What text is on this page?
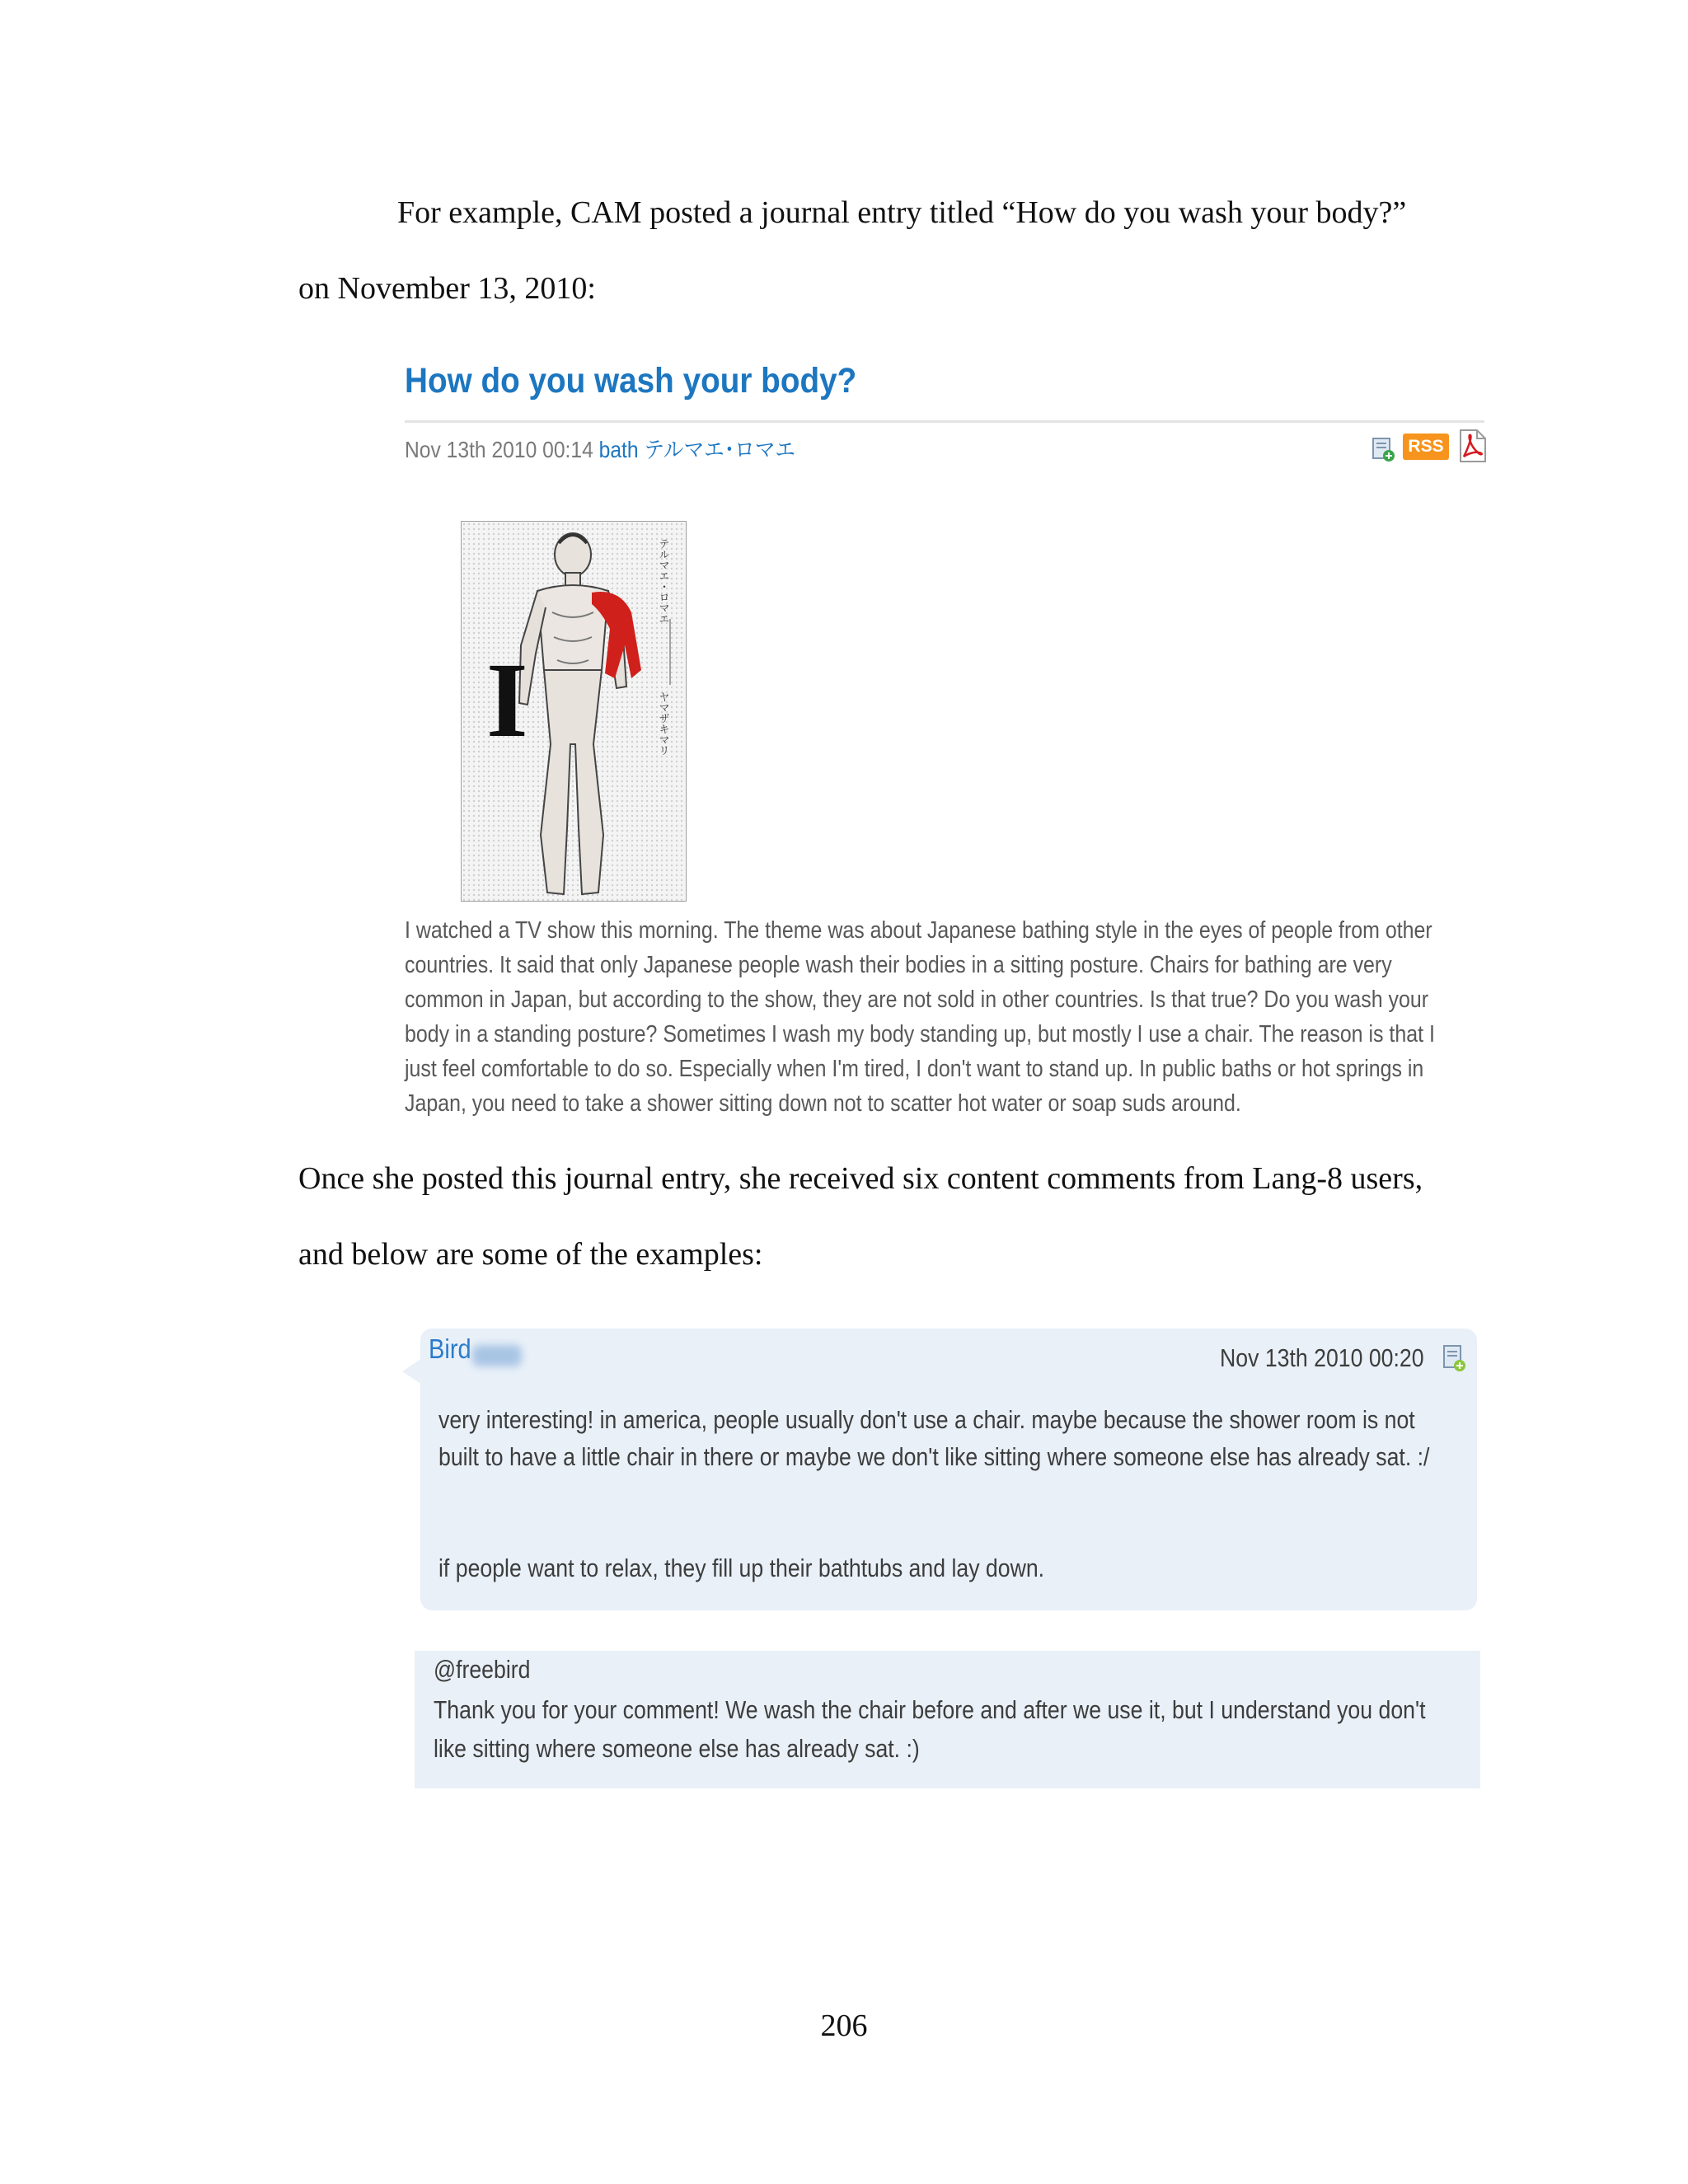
For example, CAM posted a journal entry titled “How do you wash your body?”

on November 13, 2010:

How do you wash your body?
Nov 13th 2010 00:14 bath テルマエ･ロマエ	RSS
I
テルマエ・ロマエ
ヤマザキマリ

I watched a TV show this morning. The theme was about Japanese bathing style in the eyes of people from other countries. It said that only Japanese people wash their bodies in a sitting posture. Chairs for bathing are very common in Japan, but according to the show, they are not sold in other countries. Is that true? Do you wash your body in a standing posture? Sometimes I wash my body standing up, but mostly I use a chair. The reason is that I just feel comfortable to do so. Especially when I'm tired, I don't want to stand up. In public baths or hot springs in Japan, you need to take a shower sitting down not to scatter hot water or soap suds around.

Once she posted this journal entry, she received six content comments from Lang-8 users,

and below are some of the examples:

Bird	Nov 13th 2010 00:20

very interesting! in america, people usually don't use a chair. maybe because the shower room is not built to have a little chair in there or maybe we don't like sitting where someone else has already sat. :/

if people want to relax, they fill up their bathtubs and lay down.

@freebird

Thank you for your comment! We wash the chair before and after we use it, but I understand you don't like sitting where someone else has already sat. :)

206
